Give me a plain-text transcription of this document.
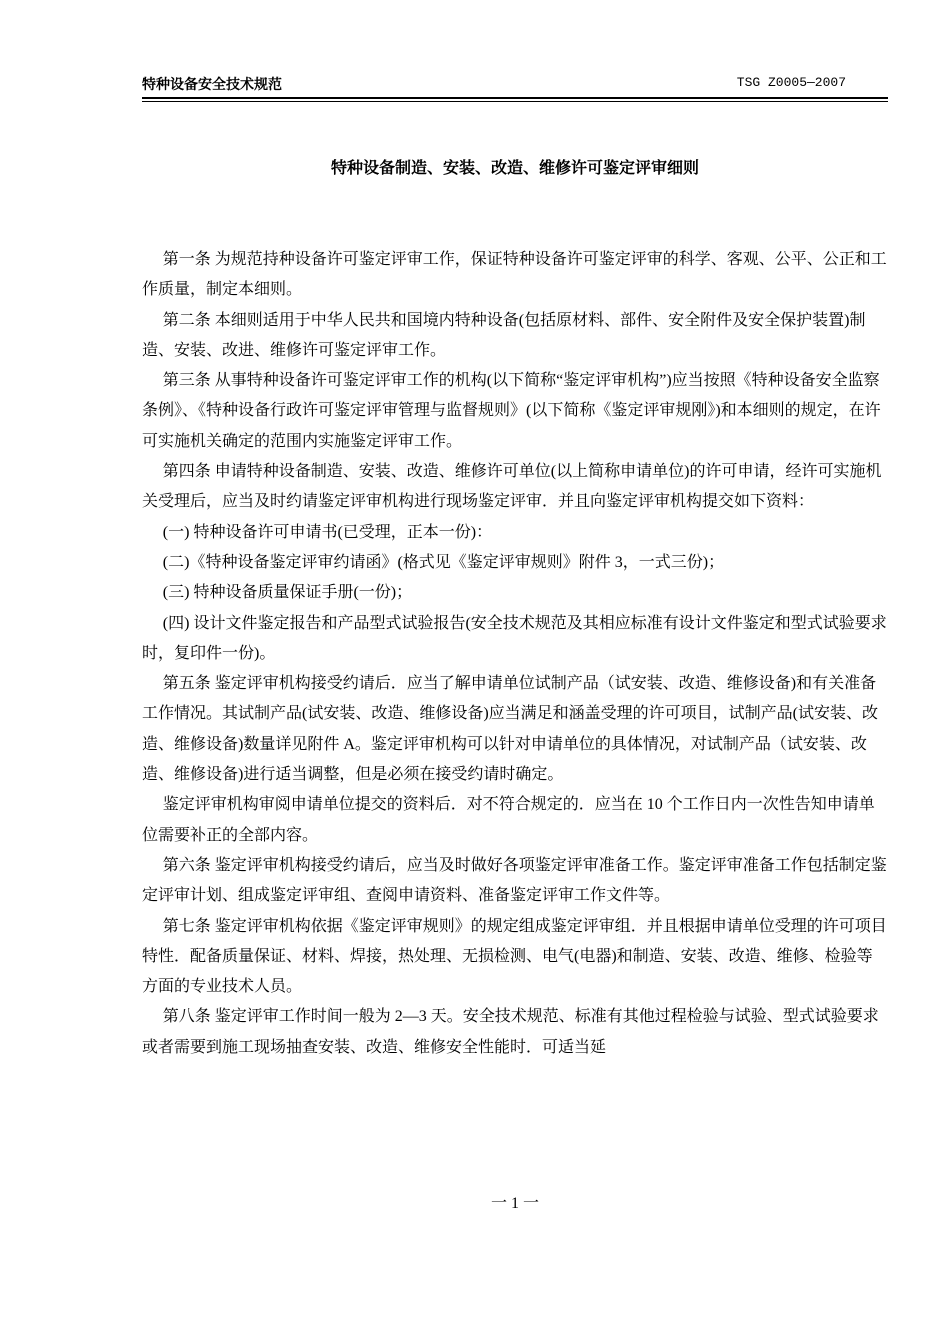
特种设备安全技术规范	TSG Z0005—2007
特种设备制造、安装、改造、维修许可鉴定评审细则

第一条 为规范持种设备许可鉴定评审工作，保证特种设备许可鉴定评审的科学、客观、公平、公正和工作质量，制定本细则。

第二条 本细则适用于中华人民共和国境内特种设备(包括原材料、部件、安全附件及安全保护装置)制造、安装、改进、维修许可鉴定评审工作。

第三条 从事特种设备许可鉴定评审工作的机构(以下简称“鉴定评审机构”)应当按照《特种设备安全监察条例》、《特种设备行政许可鉴定评审管理与监督规则》(以下简称《鉴定评审规刚》)和本细则的规定，在许可实施机关确定的范围内实施鉴定评审工作。

第四条 申请特种设备制造、安装、改造、维修许可单位(以上简称申请单位)的许可申请，经许可实施机关受理后，应当及时约请鉴定评审机构进行现场鉴定评审．并且向鉴定评审机构提交如下资料：

(一) 特种设备许可申请书(已受理，正本一份)：

(二)《特种设备鉴定评审约请函》(格式见《鉴定评审规则》附件 3，一式三份)；

(三) 特种设备质量保证手册(一份)；

(四) 设计文件鉴定报告和产品型式试验报告(安全技术规范及其相应标准有设计文件鉴定和型式试验要求时，复印件一份)。

第五条 鉴定评审机构接受约请后．应当了解申请单位试制产品（试安装、改造、维修设备)和有关准备工作情况。其试制产品(试安装、改造、维修设备)应当满足和涵盖受理的许可项目，试制产品(试安装、改造、维修设备)数量详见附件 A。鉴定评审机构可以针对申请单位的具体情况，对试制产品（试安装、改造、维修设备)进行适当调整，但是必须在接受约请时确定。

鉴定评审机构审阅申请单位提交的资料后．对不符合规定的．应当在 10 个工作日内一次性告知申请单位需要补正的全部内容。

第六条 鉴定评审机构接受约请后，应当及时做好各项鉴定评审准备工作。鉴定评审准备工作包括制定鉴定评审计划、组成鉴定评审组、查阅申请资料、准备鉴定评审工作文件等。

第七条 鉴定评审机构依据《鉴定评审规则》的规定组成鉴定评审组．并且根据申请单位受理的许可项目特性．配备质量保证、材料、焊接，热处理、无损检测、电气(电器)和制造、安装、改造、维修、检验等方面的专业技术人员。

第八条 鉴定评审工作时间一般为 2—3 天。安全技术规范、标准有其他过程检验与试验、型式试验要求或者需要到施工现场抽查安装、改造、维修安全性能时．可适当延

一 1 一
